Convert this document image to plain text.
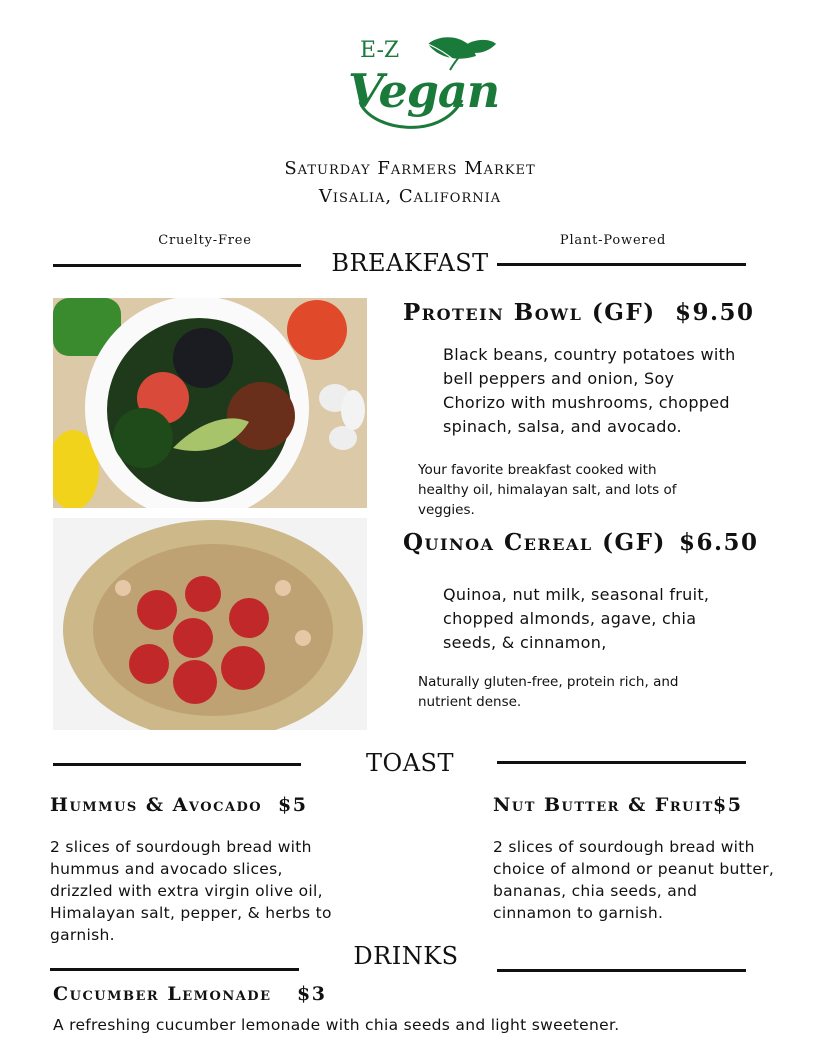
E-Z
Vegan
Saturday Farmers Market
Visalia, California
Cruelty-Free	Plant-Powered
BREAKFAST
Protein Bowl (GF) $9.50
Black beans, country potatoes with
bell peppers and onion, Soy
Chorizo with mushrooms, chopped
spinach, salsa, and avocado.
Your favorite breakfast cooked with
healthy oil, himalayan salt, and lots of
veggies.
Quinoa Cereal (GF) $6.50
Quinoa, nut milk, seasonal fruit,
chopped almonds, agave, chia
seeds, & cinnamon,
Naturally gluten-free, protein rich, and
nutrient dense.
TOAST
Hummus & Avocado $5
2 slices of sourdough bread with
hummus and avocado slices,
drizzled with extra virgin olive oil,
Himalayan salt, pepper, & herbs to
garnish.
Nut Butter & Fruit $5
2 slices of sourdough bread with
choice of almond or peanut butter,
bananas, chia seeds, and
cinnamon to garnish.
DRINKS
Cucumber Lemonade $3
A refreshing cucumber lemonade with chia seeds and light sweetener.
